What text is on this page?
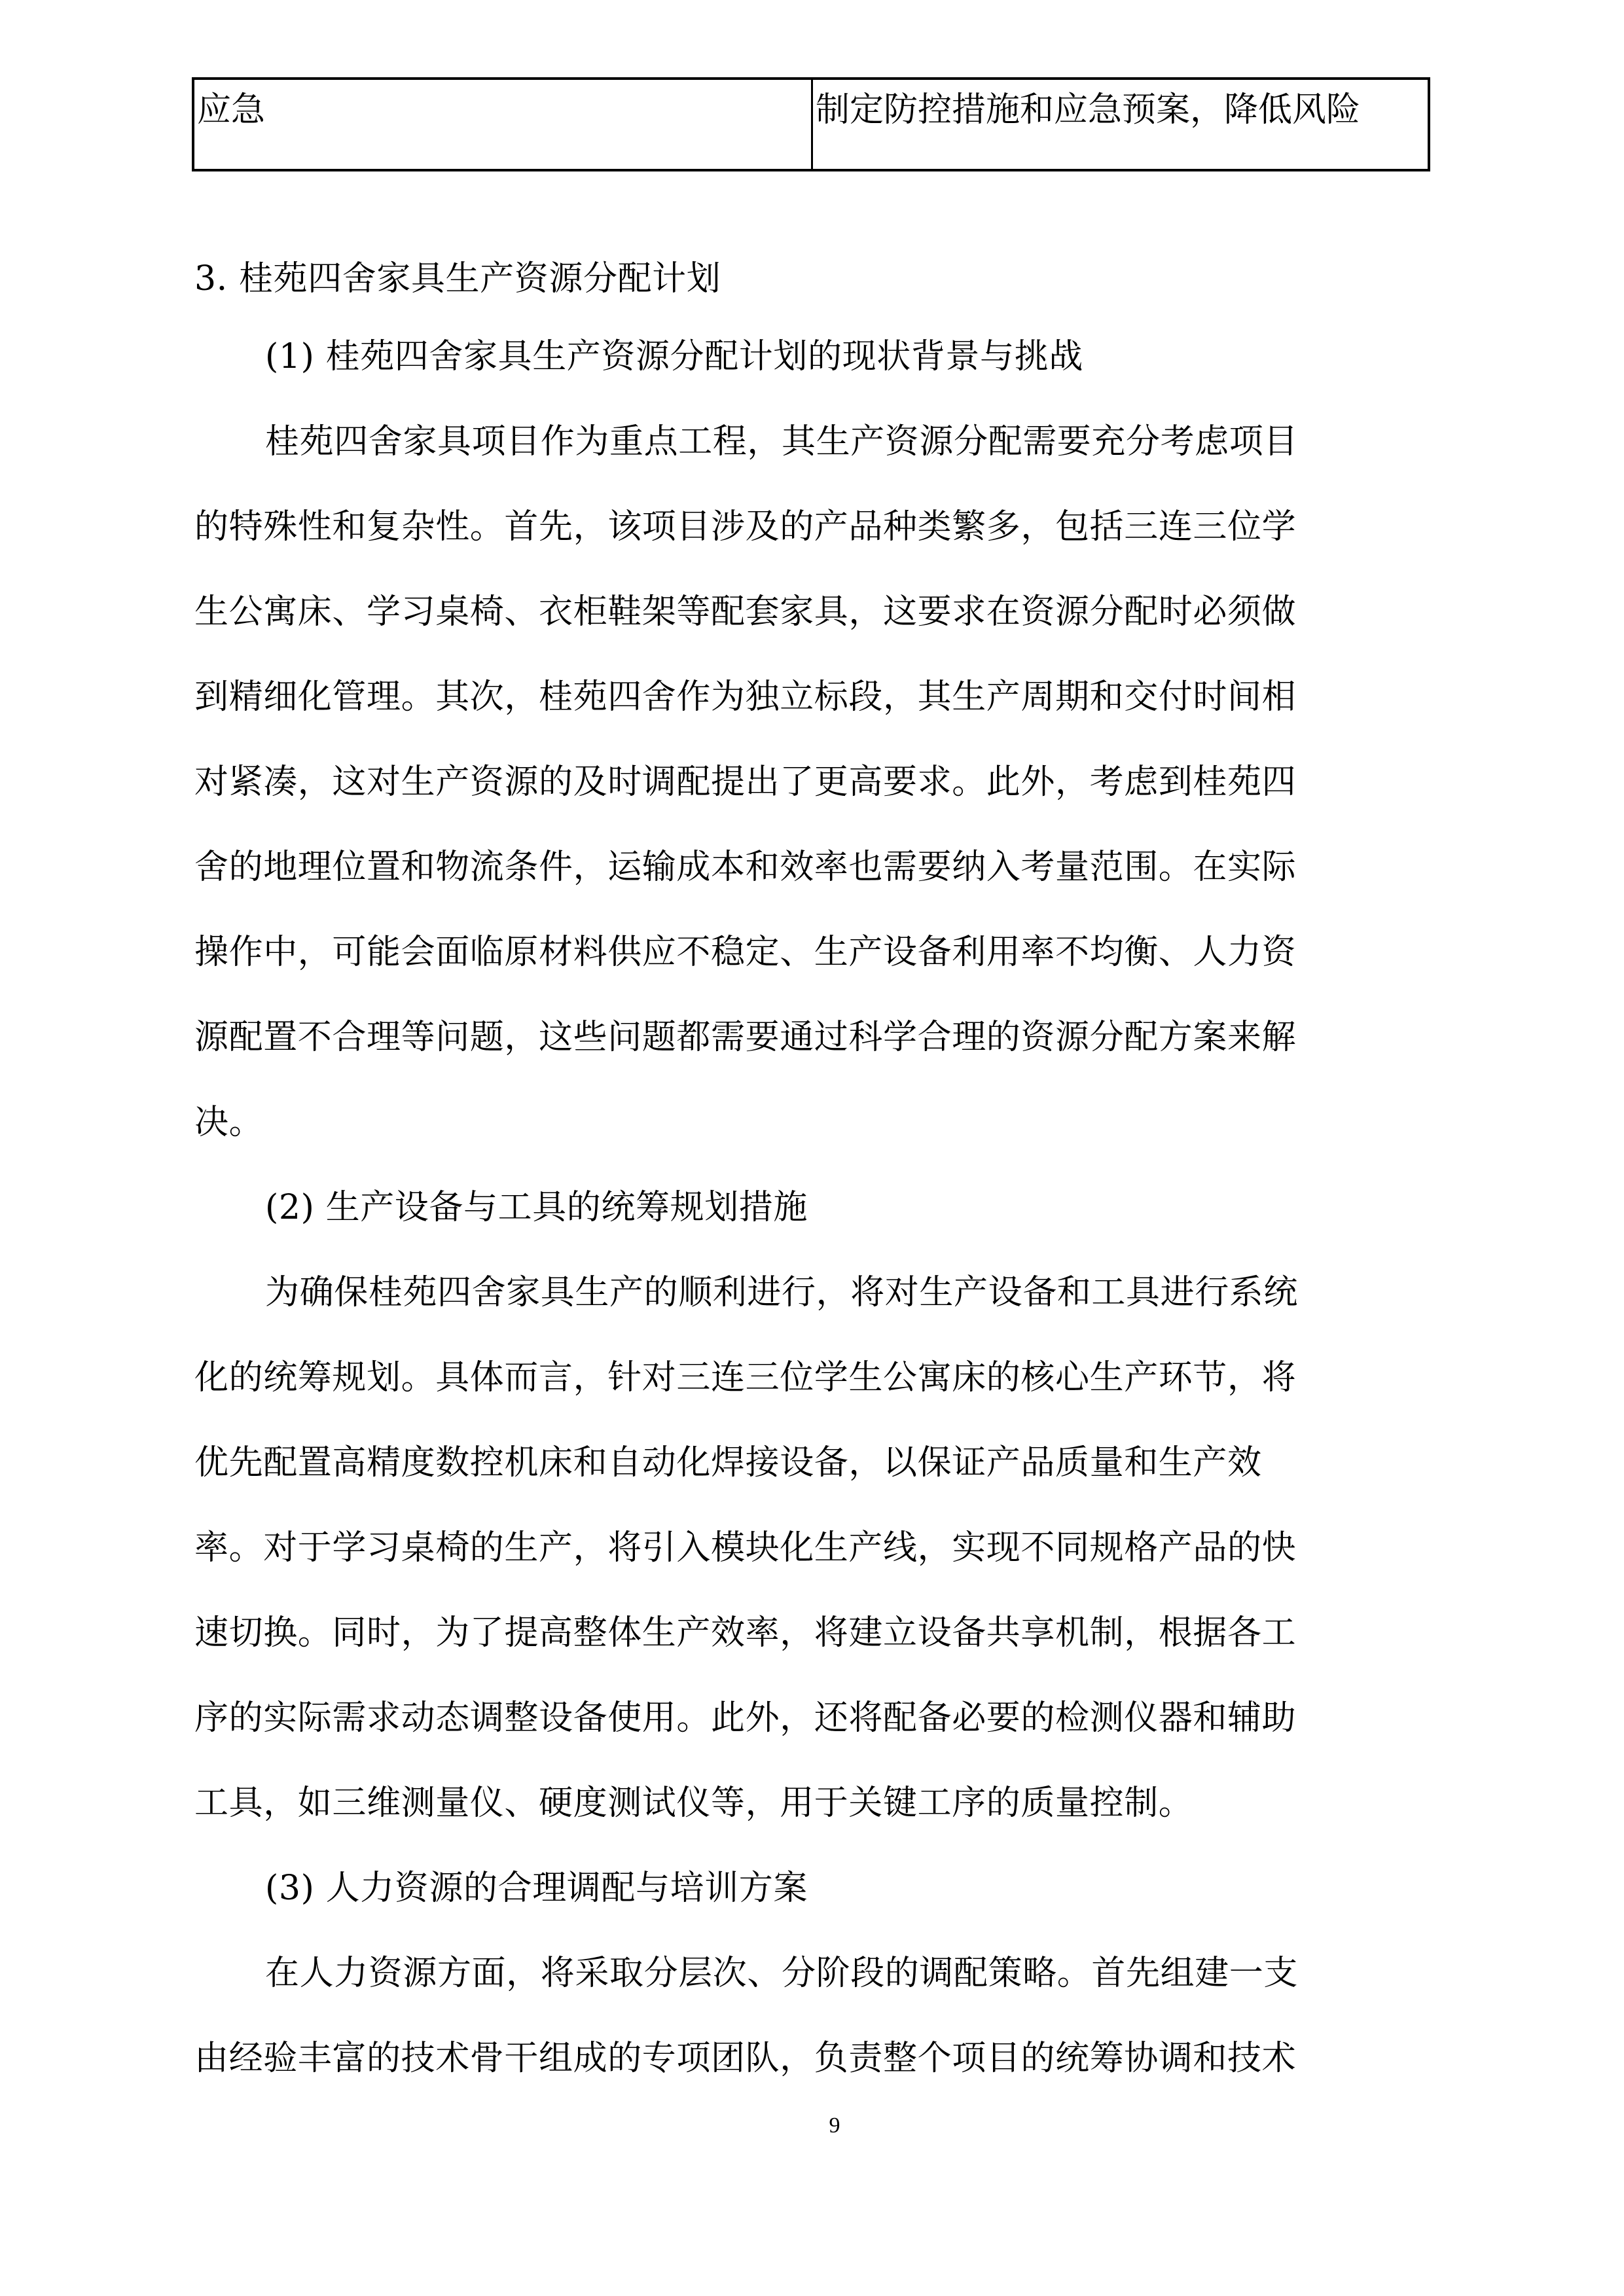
应急	制定防控措施和应急预案，降低风险
3. 桂苑四舍家具生产资源分配计划
(1) 桂苑四舍家具生产资源分配计划的现状背景与挑战
桂苑四舍家具项目作为重点工程，其生产资源分配需要充分考虑项目
的特殊性和复杂性。首先，该项目涉及的产品种类繁多，包括三连三位学
生公寓床、学习桌椅、衣柜鞋架等配套家具，这要求在资源分配时必须做
到精细化管理。其次，桂苑四舍作为独立标段，其生产周期和交付时间相
对紧凑，这对生产资源的及时调配提出了更高要求。此外，考虑到桂苑四
舍的地理位置和物流条件，运输成本和效率也需要纳入考量范围。在实际
操作中，可能会面临原材料供应不稳定、生产设备利用率不均衡、人力资
源配置不合理等问题，这些问题都需要通过科学合理的资源分配方案来解
决。
(2) 生产设备与工具的统筹规划措施
为确保桂苑四舍家具生产的顺利进行，将对生产设备和工具进行系统
化的统筹规划。具体而言，针对三连三位学生公寓床的核心生产环节，将
优先配置高精度数控机床和自动化焊接设备，以保证产品质量和生产效
率。对于学习桌椅的生产，将引入模块化生产线，实现不同规格产品的快
速切换。同时，为了提高整体生产效率，将建立设备共享机制，根据各工
序的实际需求动态调整设备使用。此外，还将配备必要的检测仪器和辅助
工具，如三维测量仪、硬度测试仪等，用于关键工序的质量控制。
(3) 人力资源的合理调配与培训方案
在人力资源方面，将采取分层次、分阶段的调配策略。首先组建一支
由经验丰富的技术骨干组成的专项团队，负责整个项目的统筹协调和技术
9
